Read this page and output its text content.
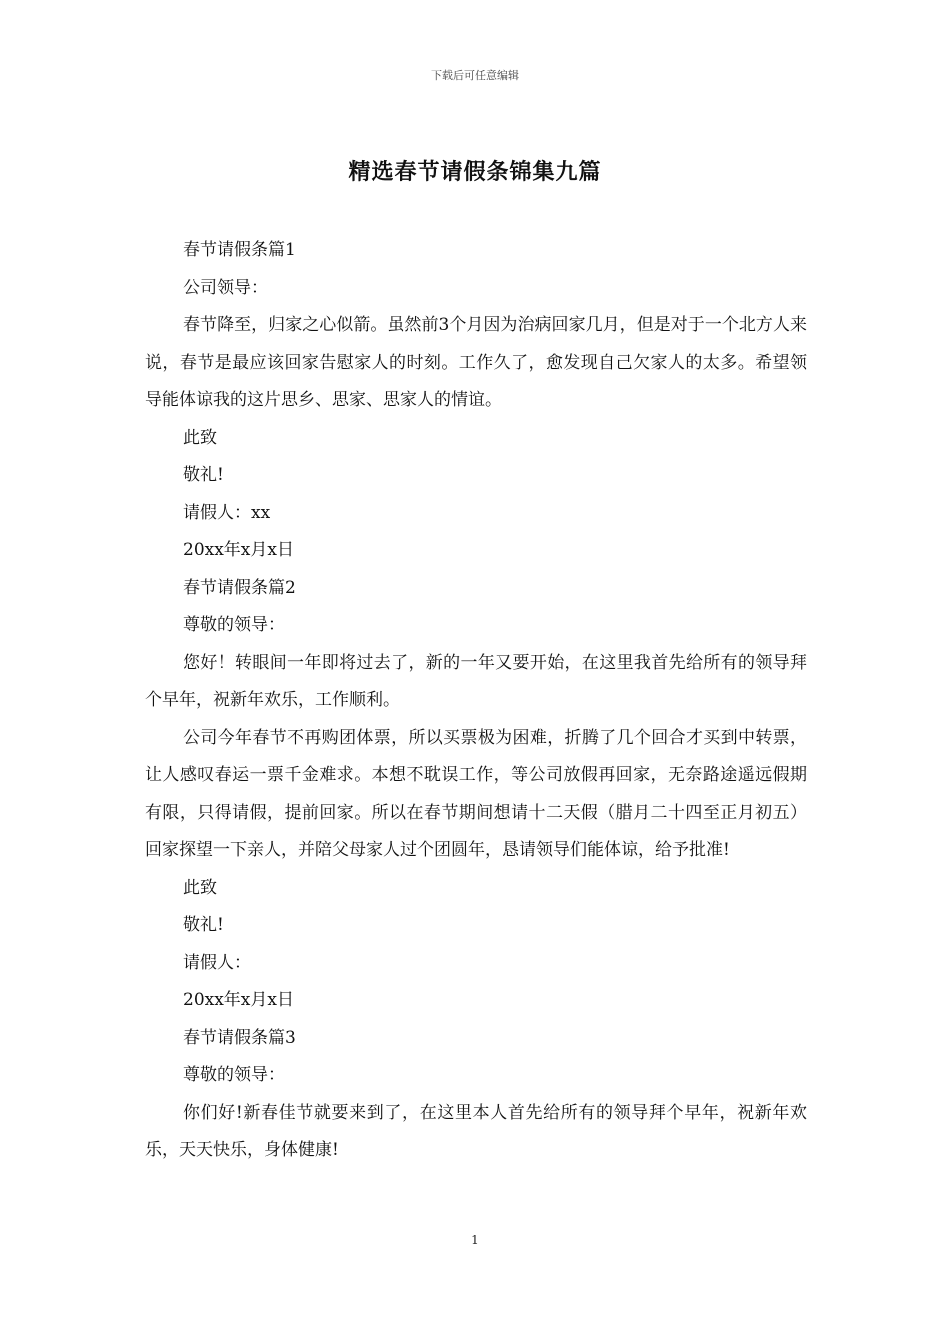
下载后可任意编辑
精选春节请假条锦集九篇

春节请假条篇1

公司领导：

春节降至，归家之心似箭。虽然前3个月因为治病回家几月，但是对于一个北方人来说，春节是最应该回家告慰家人的时刻。工作久了，愈发现自己欠家人的太多。希望领导能体谅我的这片思乡、思家、思家人的情谊。

此致

敬礼!

请假人：xx

20xx年x月x日

春节请假条篇2

尊敬的领导：

您好！转眼间一年即将过去了，新的一年又要开始，在这里我首先给所有的领导拜个早年，祝新年欢乐，工作顺利。

公司今年春节不再购团体票，所以买票极为困难，折腾了几个回合才买到中转票，让人感叹春运一票千金难求。本想不耽误工作，等公司放假再回家，无奈路途遥远假期有限，只得请假，提前回家。所以在春节期间想请十二天假（腊月二十四至正月初五）回家探望一下亲人，并陪父母家人过个团圆年，恳请领导们能体谅，给予批准!

此致

敬礼!

请假人：

20xx年x月x日

春节请假条篇3

尊敬的领导：

你们好!新春佳节就要来到了，在这里本人首先给所有的领导拜个早年，祝新年欢乐，天天快乐，身体健康!

1
